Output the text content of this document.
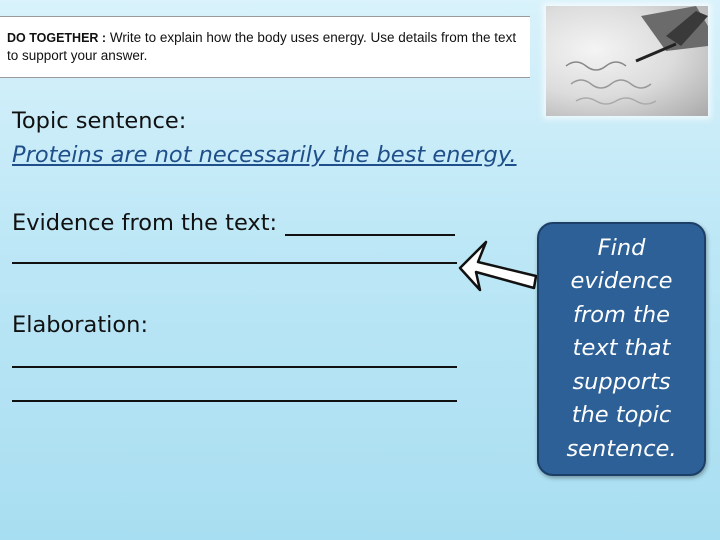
DO TOGETHER : Write to explain how the body uses energy. Use details from the text to support your answer.
Topic sentence:
Proteins are not necessarily the best energy.
Evidence from the text:
Elaboration:
Find evidence from the text that supports the topic sentence.
